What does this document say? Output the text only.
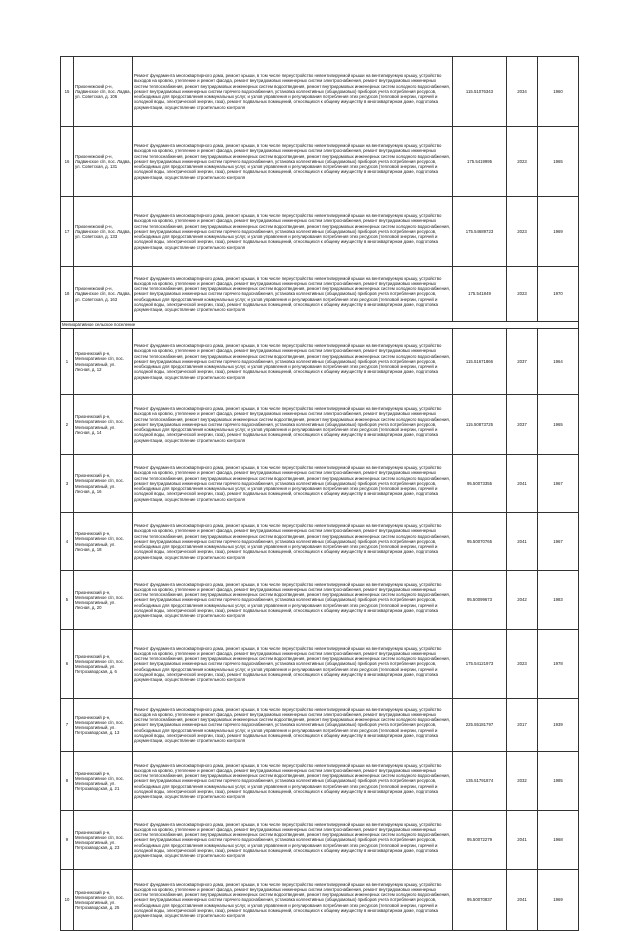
15	Приоенежский р-н, Ладвинское с/п, пос. Ладва, ул. Советская, д. 106	Ремонт фундамента многоквартирного дома, ремонт крыши, в том числе переустройство невентилируемой крыши на вентилируемую крышу, устройство выходов на кровлю, утепление и ремонт фасада, ремонт внутридомовых инженерных систем электроснабжения, ремонт внутридомовых инженерных систем теплоснабжения, ремонт внутридомовых инженерных систем водоотведения, ремонт внутридомовых инженерных систем холодного водоснабжения, ремонт внутридомовых инженерных систем горячего водоснабжения, установка коллективных (общедомовых) приборов учета потребления ресурсов, необходимых для предоставления коммунальных услуг, и узлов управления и регулирования потребления этих ресурсов (тепловой энергии, горячей и холодной воды, электрической энергии, газа), ремонт подвальных помещений, относящихся к общему имуществу в многоквартирном доме, подготовка документации, осуществление строительного контроля	115.51076343	2034	1960
16	Приоенежский р-н, Ладвинское с/п, пос. Ладва, ул. Советская, д. 131	Ремонт фундамента многоквартирного дома, ремонт крыши, в том числе переустройство невентилируемой крыши на вентилируемую крышу, устройство выходов на кровлю, утепление и ремонт фасада, ремонт внутридомовых инженерных систем электроснабжения, ремонт внутридомовых инженерных систем теплоснабжения, ремонт внутридомовых инженерных систем водоотведения, ремонт внутридомовых инженерных систем холодного водоснабжения, ремонт внутридомовых инженерных систем горячего водоснабжения, установка коллективных (общедомовых) приборов учета потребления ресурсов, необходимых для предоставления коммунальных услуг, и узлов управления и регулирования потребления этих ресурсов (тепловой энергии, горячей и холодной воды, электрической энергии, газа), ремонт подвальных помещений, относящихся к общему имуществу в многоквартирном доме, подготовка документации, осуществление строительного контроля	175.5419995	2023	1965
17	Приоенежский р-н, Ладвинское с/п, пос. Ладва, ул. Советская, д. 133	Ремонт фундамента многоквартирного дома, ремонт крыши, в том числе переустройство невентилируемой крыши на вентилируемую крышу, устройство выходов на кровлю, утепление и ремонт фасада, ремонт внутридомовых инженерных систем электроснабжения, ремонт внутридомовых инженерных систем теплоснабжения, ремонт внутридомовых инженерных систем водоотведения, ремонт внутридомовых инженерных систем холодного водоснабжения, ремонт внутридомовых инженерных систем горячего водоснабжения, установка коллективных (общедомовых) приборов учета потребления ресурсов, необходимых для предоставления коммунальных услуг, и узлов управления и регулирования потребления этих ресурсов (тепловой энергии, горячей и холодной воды, электрической энергии, газа), ремонт подвальных помещений, относящихся к общему имуществу в многоквартирном доме, подготовка документации, осуществление строительного контроля	175.54689723	2023	1969
18	Приоенежский р-н, Ладвинское с/п, пос. Ладва, ул. Советская, д. 163	Ремонт фундамента многоквартирного дома, ремонт крыши, в том числе переустройство невентилируемой крыши на вентилируемую крышу, устройство выходов на кровлю, утепление и ремонт фасада, ремонт внутридомовых инженерных систем электроснабжения, ремонт внутридомовых инженерных систем теплоснабжения, ремонт внутридомовых инженерных систем водоотведения, ремонт внутридомовых инженерных систем холодного водоснабжения, ремонт внутридомовых инженерных систем горячего водоснабжения, установка коллективных (общедомовых) приборов учета потребления ресурсов, необходимых для предоставления коммунальных услуг, и узлов управления и регулирования потребления этих ресурсов (тепловой энергии, горячей и холодной воды, электрической энергии, газа), ремонт подвальных помещений, относящихся к общему имуществу в многоквартирном доме, подготовка документации, осуществление строительного контроля	175.541849	2023	1970
Мелиоративное сельское поселение					
1	Прионежский р-н, Мелиоративное с/п, пос. Мелиоративный, ул. Лесная, д. 12	Ремонт фундамента многоквартирного дома, ремонт крыши, в том числе переустройство невентилируемой крыши на вентилируемую крышу, устройство выходов на кровлю, утепление и ремонт фасада, ремонт внутридомовых инженерных систем электроснабжения, ремонт внутридомовых инженерных систем теплоснабжения, ремонт внутридомовых инженерных систем водоотведения, ремонт внутридомовых инженерных систем холодного водоснабжения, ремонт внутридомовых инженерных систем горячего водоснабжения, установка коллективных (общедомовых) приборов учета потребления ресурсов, необходимых для предоставления коммунальных услуг, и узлов управления и регулирования потребления этих ресурсов (тепловой энергии, горячей и холодной воды, электрической энергии, газа), ремонт подвальных помещений, относящихся к общему имуществу в многоквартирном доме, подготовка документации, осуществление строительного контроля	115.51671866	2037	1964
2	Прионежский р-н, Мелиоративное с/п, пос. Мелиоративный, ул. Лесная, д. 14	Ремонт фундамента многоквартирного дома, ремонт крыши, в том числе переустройство невентилируемой крыши на вентилируемую крышу, устройство выходов на кровлю, утепление и ремонт фасада, ремонт внутридомовых инженерных систем электроснабжения, ремонт внутридомовых инженерных систем теплоснабжения, ремонт внутридомовых инженерных систем водоотведения, ремонт внутридомовых инженерных систем холодного водоснабжения, ремонт внутридомовых инженерных систем горячего водоснабжения, установка коллективных (общедомовых) приборов учета потребления ресурсов, необходимых для предоставления коммунальных услуг, и узлов управления и регулирования потребления этих ресурсов (тепловой энергии, горячей и холодной воды, электрической энергии, газа), ремонт подвальных помещений, относящихся к общему имуществу в многоквартирном доме, подготовка документации, осуществление строительного контроля	115.50873725	2037	1965
3	Прионежский р-н, Мелиоративное с/п, пос. Мелиоративный, ул. Лесная, д. 16	Ремонт фундамента многоквартирного дома, ремонт крыши, в том числе переустройство невентилируемой крыши на вентилируемую крышу, устройство выходов на кровлю, утепление и ремонт фасада, ремонт внутридомовых инженерных систем электроснабжения, ремонт внутридомовых инженерных систем теплоснабжения, ремонт внутридомовых инженерных систем водоотведения, ремонт внутридомовых инженерных систем холодного водоснабжения, ремонт внутридомовых инженерных систем горячего водоснабжения, установка коллективных (общедомовых) приборов учета потребления ресурсов, необходимых для предоставления коммунальных услуг, и узлов управления и регулирования потребления этих ресурсов (тепловой энергии, горячей и холодной воды, электрической энергии, газа), ремонт подвальных помещений, относящихся к общему имуществу в многоквартирном доме, подготовка документации, осуществление строительного контроля	95.50073355	2041	1967
4	Прионежский р-н, Мелиоративное с/п, пос. Мелиоративный, ул. Лесная, д. 18	Ремонт фундамента многоквартирного дома, ремонт крыши, в том числе переустройство невентилируемой крыши на вентилируемую крышу, устройство выходов на кровлю, утепление и ремонт фасада, ремонт внутридомовых инженерных систем электроснабжения, ремонт внутридомовых инженерных систем теплоснабжения, ремонт внутридомовых инженерных систем водоотведения, ремонт внутридомовых инженерных систем холодного водоснабжения, ремонт внутридомовых инженерных систем горячего водоснабжения, установка коллективных (общедомовых) приборов учета потребления ресурсов, необходимых для предоставления коммунальных услуг, и узлов управления и регулирования потребления этих ресурсов (тепловой энергии, горячей и холодной воды, электрической энергии, газа), ремонт подвальных помещений, относящихся к общему имуществу в многоквартирном доме, подготовка документации, осуществление строительного контроля	95.50070765	2041	1967
5	Прионежский р-н, Мелиоративное с/п, пос. Мелиоративный, ул. Лесная, д. 20	Ремонт фундамента многоквартирного дома, ремонт крыши, в том числе переустройство невентилируемой крыши на вентилируемую крышу, устройство выходов на кровлю, утепление и ремонт фасада, ремонт внутридомовых инженерных систем электроснабжения, ремонт внутридомовых инженерных систем теплоснабжения, ремонт внутридомовых инженерных систем водоотведения, ремонт внутридомовых инженерных систем холодного водоснабжения, ремонт внутридомовых инженерных систем горячего водоснабжения, установка коллективных (общедомовых) приборов учета потребления ресурсов, необходимых для предоставления коммунальных услуг, и узлов управления и регулирования потребления этих ресурсов (тепловой энергии, горячей и холодной воды, электрической энергии, газа), ремонт подвальных помещений, относящихся к общему имуществу в многоквартирном доме, подготовка документации, осуществление строительного контроля	95.50099673	2042	1983
6	Прионежский р-н, Мелиоративное с/п, пос. Мелиоративный, ул. Петрозаводская, д. 6	Ремонт фундамента многоквартирного дома, ремонт крыши, в том числе переустройство невентилируемой крыши на вентилируемую крышу, устройство выходов на кровлю, утепление и ремонт фасада, ремонт внутридомовых инженерных систем электроснабжения, ремонт внутридомовых инженерных систем теплоснабжения, ремонт внутридомовых инженерных систем водоотведения, ремонт внутридомовых инженерных систем холодного водоснабжения, ремонт внутридомовых инженерных систем горячего водоснабжения, установка коллективных (общедомовых) приборов учета потребления ресурсов, необходимых для предоставления коммунальных услуг, и узлов управления и регулирования потребления этих ресурсов (тепловой энергии, горячей и холодной воды, электрической энергии, газа), ремонт подвальных помещений, относящихся к общему имуществу в многоквартирном доме, подготовка документации, осуществление строительного контроля	175.54121973	2023	1978
7	Прионежский р-н, Мелиоративное с/п, пос. Мелиоративный, ул. Петрозаводская, д. 13	Ремонт фундамента многоквартирного дома, ремонт крыши, в том числе переустройство невентилируемой крыши на вентилируемую крышу, устройство выходов на кровлю, утепление и ремонт фасада, ремонт внутридомовых инженерных систем электроснабжения, ремонт внутридомовых инженерных систем теплоснабжения, ремонт внутридомовых инженерных систем водоотведения, ремонт внутридомовых инженерных систем холодного водоснабжения, ремонт внутридомовых инженерных систем горячего водоснабжения, установка коллективных (общедомовых) приборов учета потребления ресурсов, необходимых для предоставления коммунальных услуг, и узлов управления и регулирования потребления этих ресурсов (тепловой энергии, горячей и холодной воды, электрической энергии, газа), ремонт подвальных помещений, относящихся к общему имуществу в многоквартирном доме, подготовка документации, осуществление строительного контроля	225.55181797	2017	1939
8	Прионежский р-н, Мелиоративное с/п, пос. Мелиоративный, ул. Петрозаводская, д. 21	Ремонт фундамента многоквартирного дома, ремонт крыши, в том числе переустройство невентилируемой крыши на вентилируемую крышу, устройство выходов на кровлю, утепление и ремонт фасада, ремонт внутридомовых инженерных систем электроснабжения, ремонт внутридомовых инженерных систем теплоснабжения, ремонт внутридомовых инженерных систем водоотведения, ремонт внутридомовых инженерных систем холодного водоснабжения, ремонт внутридомовых инженерных систем горячего водоснабжения, установка коллективных (общедомовых) приборов учета потребления ресурсов, необходимых для предоставления коммунальных услуг, и узлов управления и регулирования потребления этих ресурсов (тепловой энергии, горячей и холодной воды, электрической энергии, газа), ремонт подвальных помещений, относящихся к общему имуществу в многоквартирном доме, подготовка документации, осуществление строительного контроля	135.51791874	2032	1985
9	Прионежский р-н, Мелиоративное с/п, пос. Мелиоративный, ул. Петрозаводская, д. 23	Ремонт фундамента многоквартирного дома, ремонт крыши, в том числе переустройство невентилируемой крыши на вентилируемую крышу, устройство выходов на кровлю, утепление и ремонт фасада, ремонт внутридомовых инженерных систем электроснабжения, ремонт внутридомовых инженерных систем теплоснабжения, ремонт внутридомовых инженерных систем водоотведения, ремонт внутридомовых инженерных систем холодного водоснабжения, ремонт внутридомовых инженерных систем горячего водоснабжения, установка коллективных (общедомовых) приборов учета потребления ресурсов, необходимых для предоставления коммунальных услуг, и узлов управления и регулирования потребления этих ресурсов (тепловой энергии, горячей и холодной воды, электрической энергии, газа), ремонт подвальных помещений, относящихся к общему имуществу в многоквартирном доме, подготовка документации, осуществление строительного контроля	95.50072279	2041	1968
10	Прионежский р-н, Мелиоративное с/п, пос. Мелиоративный, ул. Петрозаводская, д. 25	Ремонт фундамента многоквартирного дома, ремонт крыши, в том числе переустройство невентилируемой крыши на вентилируемую крышу, устройство выходов на кровлю, утепление и ремонт фасада, ремонт внутридомовых инженерных систем электроснабжения, ремонт внутридомовых инженерных систем теплоснабжения, ремонт внутридомовых инженерных систем водоотведения, ремонт внутридомовых инженерных систем холодного водоснабжения, ремонт внутридомовых инженерных систем горячего водоснабжения, установка коллективных (общедомовых) приборов учета потребления ресурсов, необходимых для предоставления коммунальных услуг, и узлов управления и регулирования потребления этих ресурсов (тепловой энергии, горячей и холодной воды, электрической энергии, газа), ремонт подвальных помещений, относящихся к общему имуществу в многоквартирном доме, подготовка документации, осуществление строительного контроля	95.50070837	2041	1969
